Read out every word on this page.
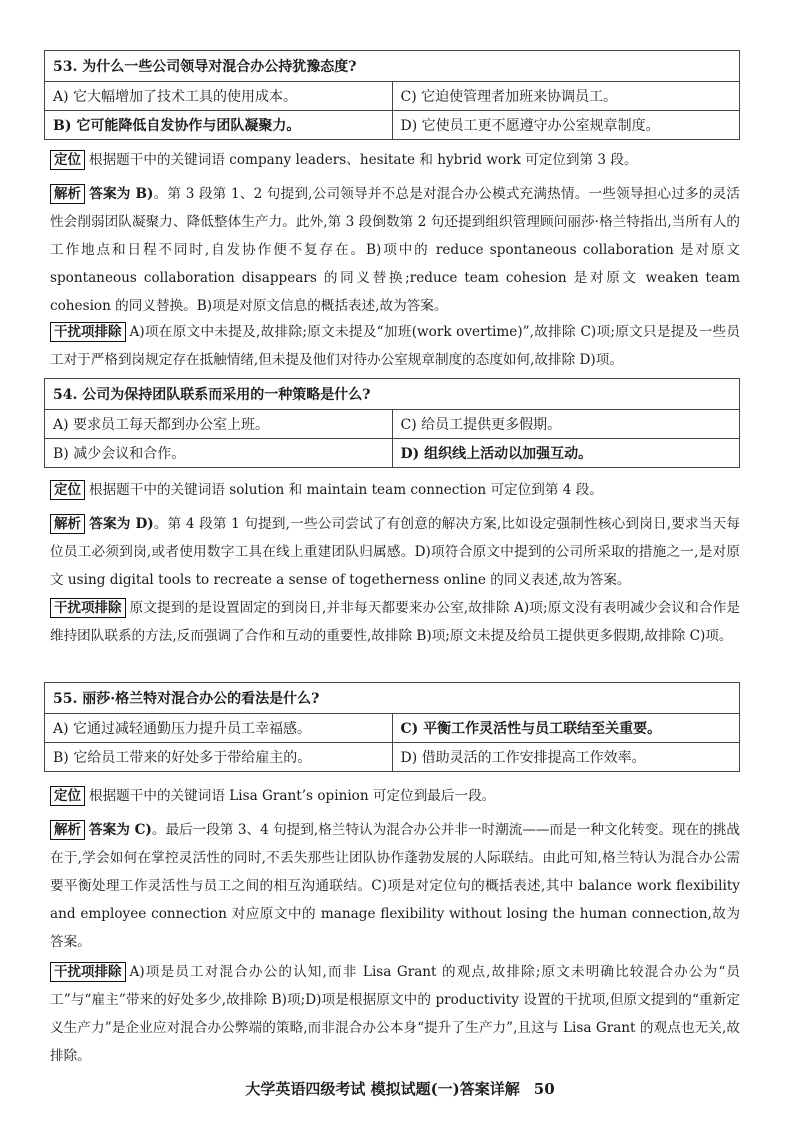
53. 为什么一些公司领导对混合办公持犹豫态度?	
A) 它大幅增加了技术工具的使用成本。	C) 它迫使管理者加班来协调员工。
B) 它可能降低自发协作与团队凝聚力。	D) 它使员工更不愿遵守办公室规章制度。
定位 根据题干中的关键词语 company leaders、hesitate 和 hybrid work 可定位到第 3 段。
解析 答案为 B)。第 3 段第 1、2 句提到,公司领导并不总是对混合办公模式充满热情。一些领导担心过多的灵活性会削弱团队凝聚力、降低整体生产力。此外,第 3 段倒数第 2 句还提到组织管理顾问丽莎·格兰特指出,当所有人的工作地点和日程不同时,自发协作便不复存在。B)项中的 reduce spontaneous collaboration 是对原文 spontaneous collaboration disappears 的同义替换;reduce team cohesion 是对原文 weaken team cohesion 的同义替换。B)项是对原文信息的概括表述,故为答案。
干扰项排除 A)项在原文中未提及,故排除;原文未提及“加班(work overtime)”,故排除 C)项;原文只是提及一些员工对于严格到岗规定存在抵触情绪,但未提及他们对待办公室规章制度的态度如何,故排除 D)项。
54. 公司为保持团队联系而采用的一种策略是什么?	
A) 要求员工每天都到办公室上班。	C) 给员工提供更多假期。
B) 减少会议和合作。	D) 组织线上活动以加强互动。
定位 根据题干中的关键词语 solution 和 maintain team connection 可定位到第 4 段。
解析 答案为 D)。第 4 段第 1 句提到,一些公司尝试了有创意的解决方案,比如设定强制性核心到岗日,要求当天每位员工必须到岗,或者使用数字工具在线上重建团队归属感。D)项符合原文中提到的公司所采取的措施之一,是对原文 using digital tools to recreate a sense of togetherness online 的同义表述,故为答案。
干扰项排除 原文提到的是设置固定的到岗日,并非每天都要来办公室,故排除 A)项;原文没有表明减少会议和合作是维持团队联系的方法,反而强调了合作和互动的重要性,故排除 B)项;原文未提及给员工提供更多假期,故排除 C)项。
55. 丽莎·格兰特对混合办公的看法是什么?	
A) 它通过减轻通勤压力提升员工幸福感。	C) 平衡工作灵活性与员工联结至关重要。
B) 它给员工带来的好处多于带给雇主的。	D) 借助灵活的工作安排提高工作效率。
定位 根据题干中的关键词语 Lisa Grant’s opinion 可定位到最后一段。
解析 答案为 C)。最后一段第 3、4 句提到,格兰特认为混合办公并非一时潮流——而是一种文化转变。现在的挑战在于,学会如何在掌控灵活性的同时,不丢失那些让团队协作蓬勃发展的人际联结。由此可知,格兰特认为混合办公需要平衡处理工作灵活性与员工之间的相互沟通联结。C)项是对定位句的概括表述,其中 balance work flexibility and employee connection 对应原文中的 manage flexibility without losing the human connection,故为答案。
干扰项排除 A)项是员工对混合办公的认知,而非 Lisa Grant 的观点,故排除;原文未明确比较混合办公为“员工”与“雇主”带来的好处多少,故排除 B)项;D)项是根据原文中的 productivity 设置的干扰项,但原文提到的“重新定义生产力”是企业应对混合办公弊端的策略,而非混合办公本身“提升了生产力”,且这与 Lisa Grant 的观点也无关,故排除。
大学英语四级考试 模拟试题(一)答案详解 50
